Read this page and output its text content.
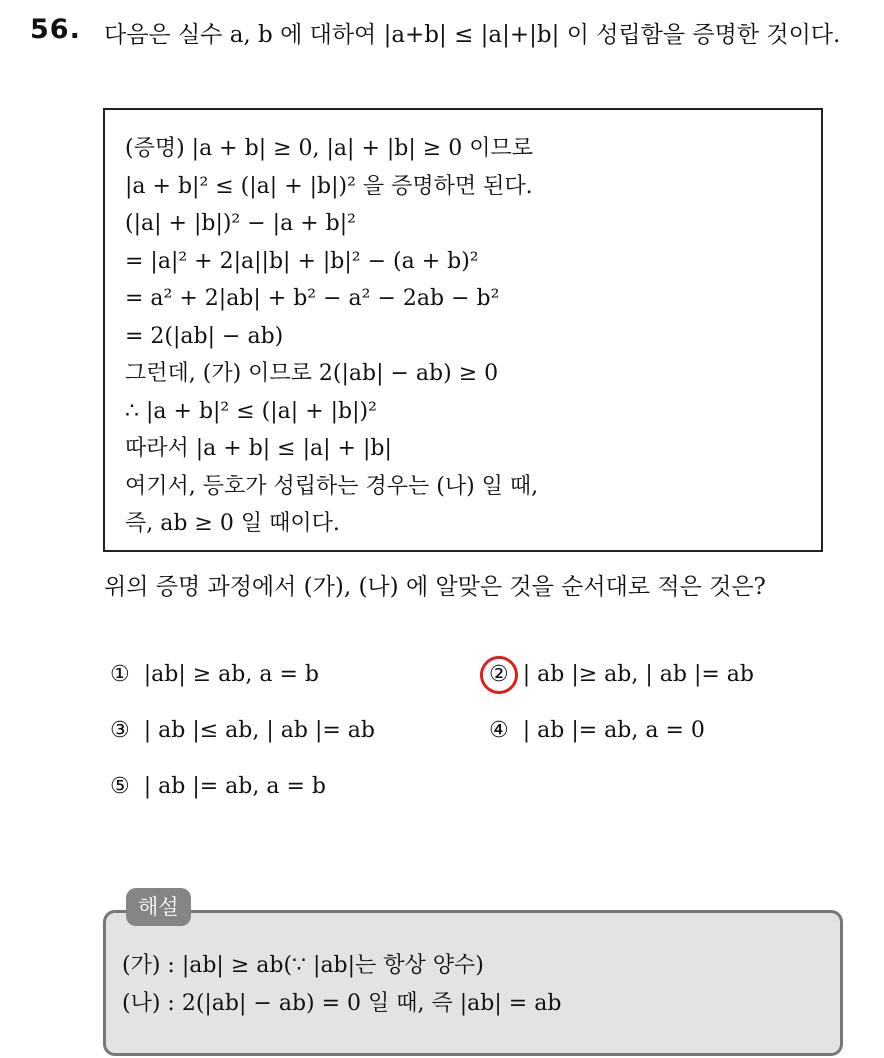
56. 다음은 실수 a, b 에 대하여 |a+b| ≤ |a|+|b| 이 성립함을 증명한 것이다.
(증명) |a + b| ≥ 0, |a| + |b| ≥ 0 이므로
|a + b|² ≤ (|a| + |b|)² 을 증명하면 된다.
(|a| + |b|)² − |a + b|²
= |a|² + 2|a||b| + |b|² − (a + b)²
= a² + 2|ab| + b² − a² − 2ab − b²
= 2(|ab| − ab)
그런데, (가) 이므로 2(|ab| − ab) ≥ 0
∴ |a + b|² ≤ (|a| + |b|)²
따라서 |a + b| ≤ |a| + |b|
여기서, 등호가 성립하는 경우는 (나) 일 때,
즉, ab ≥ 0 일 때이다.
위의 증명 과정에서 (가), (나) 에 알맞은 것을 순서대로 적은 것은?
① |ab| ≥ ab, a = b	② | ab |≥ ab, | ab |= ab
③ | ab |≤ ab, | ab |= ab	④ | ab |= ab, a = 0
⑤ | ab |= ab, a = b
해설
(가) : |ab| ≥ ab(∵ |ab|는 항상 양수)
(나) : 2(|ab| − ab) = 0 일 때, 즉 |ab| = ab
